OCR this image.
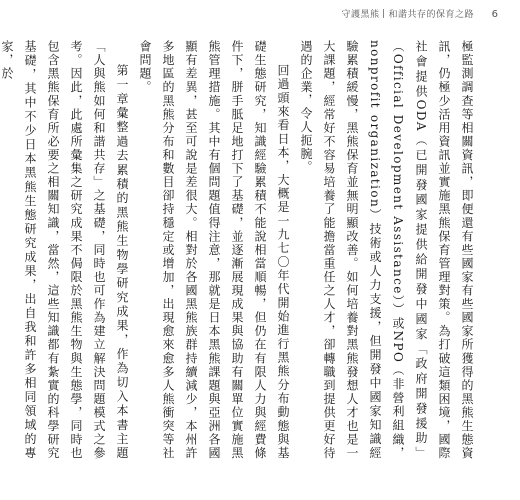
守護黑熊 和諧共存的保育之路 6

極監測調查等相關資訊，即便還有些國家有些國家所獲得的黑熊生態資訊，仍極少活用資訊並實施黑熊保育管理對策。為打破這類困境，國際社會提供ODA（已開發國家提供給開發中國家「政府開發援助」（Official Development Assistance））或NPO（非營利組織，nonprofit organization）技術或人力支援，但開發中國家知識經驗累積緩慢，黑熊保育並無明顯改善。如何培養對黑熊發想人才也是一大課題，經常好不容易培養了能擔當重任之人才，卻轉職到提供更好待遇的企業，令人扼腕。

回過頭來看日本，大概是一九七〇年代開始進行黑熊分布動態與基礎生態研究，知識經驗累積不能說相當順暢，但仍在有限人力與經費條件下，胼手胝足地打下了基礎，並逐漸展現成果與協助有關單位實施黑熊管理措施。其中有個問題值得注意，那就是日本黑熊課題與亞洲各國顯有差異，甚至可說是差很大。相對於各國黑熊族群持續減少，本州許多地區的黑熊分布和數目卻持穩定或增加，出現愈來愈多人熊衝突等社會問題。

第一章彙整過去累積的黑熊生物學研究成果，作為切入本書主題「人與熊如何和諧共存」之基礎，同時也可作為建立解決問題模式之參考。因此，此處所彙集之研究成果不侷限於黑熊生物與生態學，同時也包含黑熊保育所必要之相關知識，當然，這些知識都有紮實的科學研究基礎，其中不少日本黑熊生態研究成果，出自我和許多相同領域的專家，於
